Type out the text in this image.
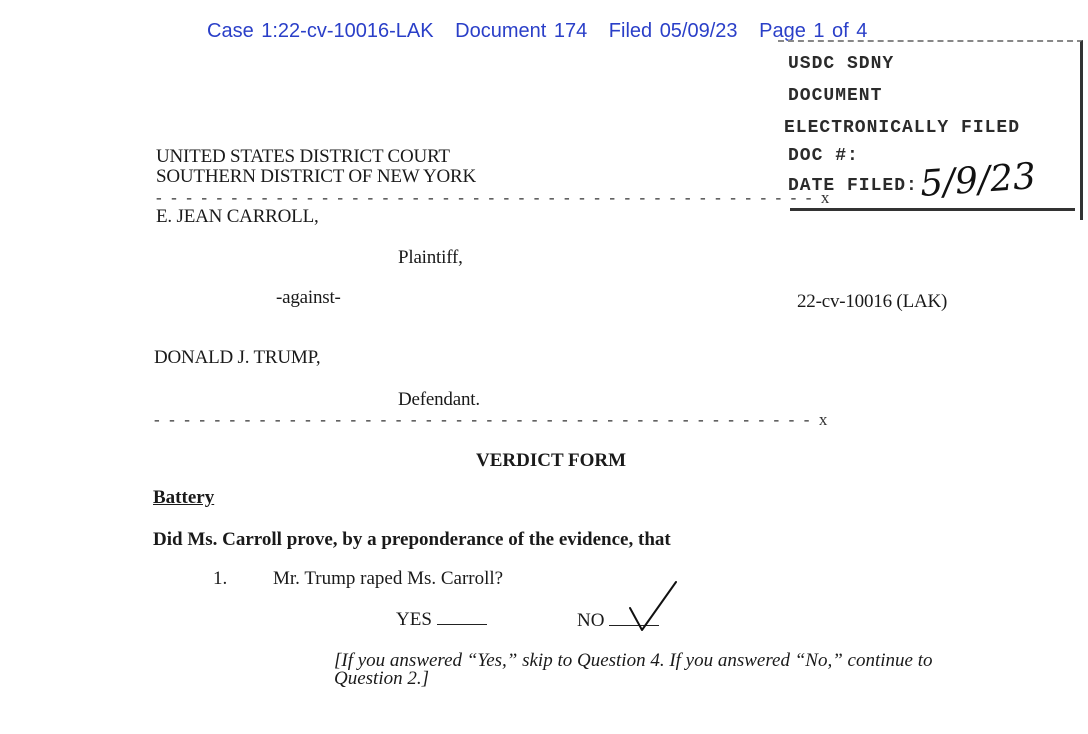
Case 1:22-cv-10016-LAK Document 174 Filed 05/09/23 Page 1 of 4
USDC SDNY
DOCUMENT
ELECTRONICALLY FILED
DOC #:
DATE FILED: 5/9/23
UNITED STATES DISTRICT COURT
SOUTHERN DISTRICT OF NEW YORK
- - - - - - - - - - - - - - - - - - - - - - - - - - - - - - - - - - - - - - - - - - - - x
E. JEAN CARROLL,
Plaintiff,
-against-	22-cv-10016 (LAK)
DONALD J. TRUMP,
Defendant.
- - - - - - - - - - - - - - - - - - - - - - - - - - - - - - - - - - - - - - - - - - - - x
VERDICT FORM
Battery
Did Ms. Carroll prove, by a preponderance of the evidence, that
1. Mr. Trump raped Ms. Carroll?
YES	NO
[If you answered “Yes,” skip to Question 4. If you answered “No,” continue to
Question 2.]
